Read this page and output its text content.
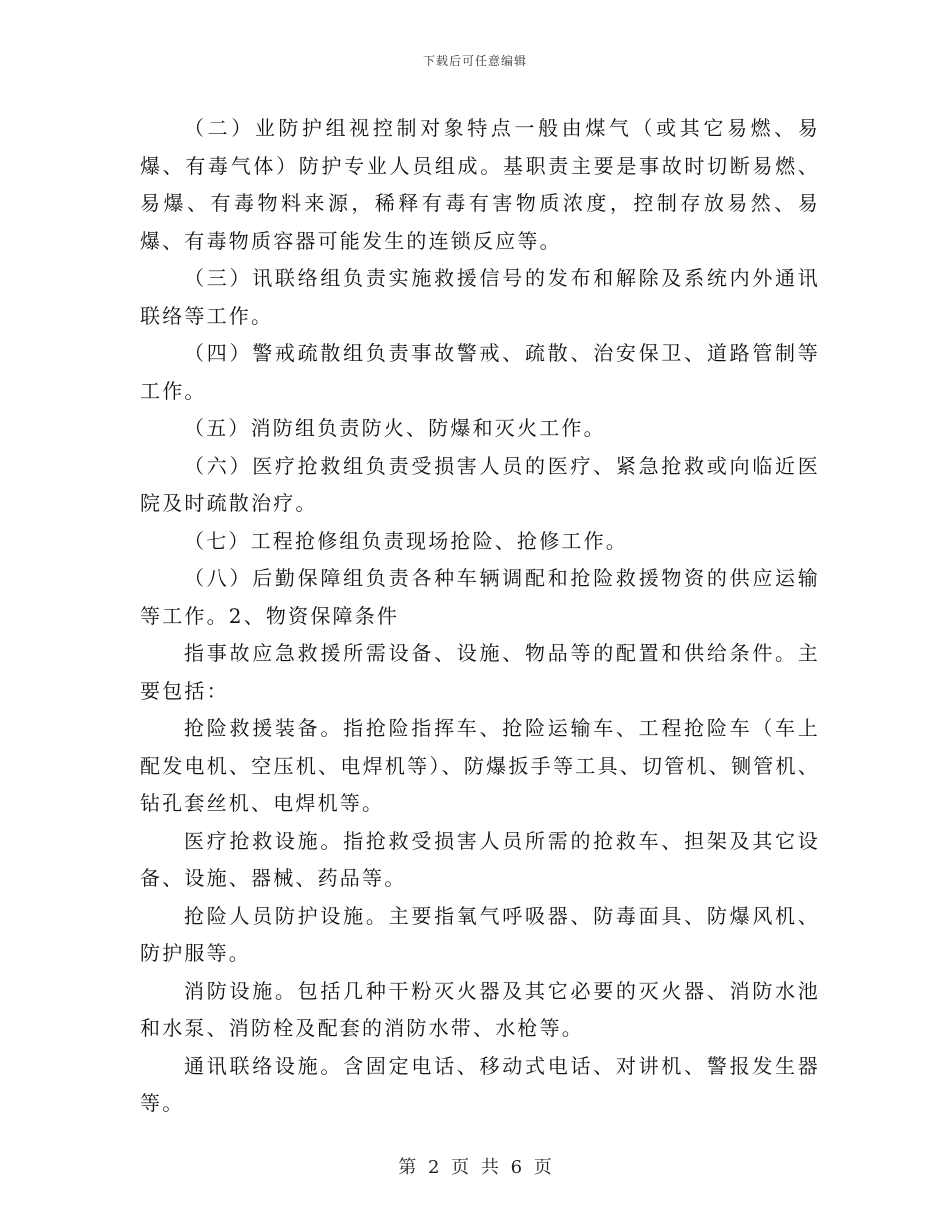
下载后可任意编辑

（二）业防护组视控制对象特点一般由煤气（或其它易燃、易爆、有毒气体）防护专业人员组成。基职责主要是事故时切断易燃、易爆、有毒物料来源，稀释有毒有害物质浓度，控制存放易然、易爆、有毒物质容器可能发生的连锁反应等。

（三）讯联络组负责实施救援信号的发布和解除及系统内外通讯联络等工作。

（四）警戒疏散组负责事故警戒、疏散、治安保卫、道路管制等工作。

（五）消防组负责防火、防爆和灭火工作。

（六）医疗抢救组负责受损害人员的医疗、紧急抢救或向临近医院及时疏散治疗。

（七）工程抢修组负责现场抢险、抢修工作。

（八）后勤保障组负责各种车辆调配和抢险救援物资的供应运输等工作。2、物资保障条件

指事故应急救援所需设备、设施、物品等的配置和供给条件。主要包括：

抢险救援装备。指抢险指挥车、抢险运输车、工程抢险车（车上配发电机、空压机、电焊机等）、防爆扳手等工具、切管机、铡管机、钻孔套丝机、电焊机等。

医疗抢救设施。指抢救受损害人员所需的抢救车、担架及其它设备、设施、器械、药品等。

抢险人员防护设施。主要指氧气呼吸器、防毒面具、防爆风机、防护服等。

消防设施。包括几种干粉灭火器及其它必要的灭火器、消防水池和水泵、消防栓及配套的消防水带、水枪等。

通讯联络设施。含固定电话、移动式电话、对讲机、警报发生器等。

第 2 页 共 6 页
